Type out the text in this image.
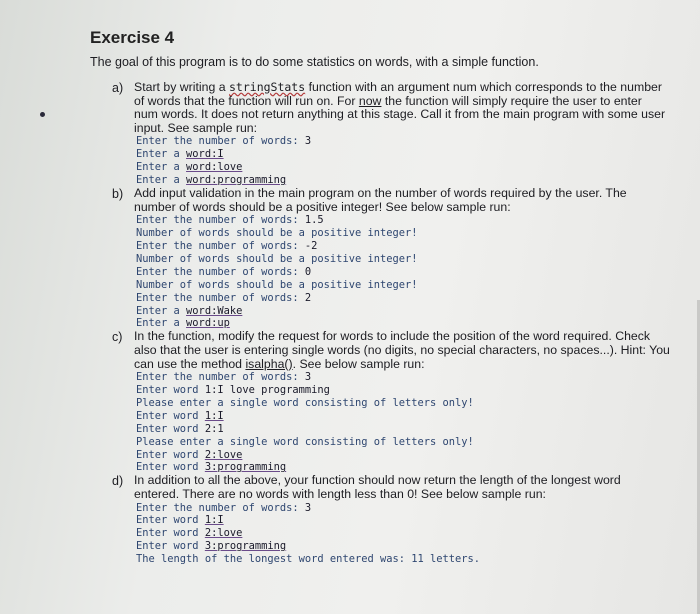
Exercise 4
The goal of this program is to do some statistics on words, with a simple function.
a) Start by writing a stringStats function with an argument num which corresponds to the number
of words that the function will run on. For now the function will simply require the user to enter
num words. It does not return anything at this stage. Call it from the main program with some user
input. See sample run:
Enter the number of words: 3
Enter a word:I
Enter a word:love
Enter a word:programming
b) Add input validation in the main program on the number of words required by the user. The
number of words should be a positive integer! See below sample run:
Enter the number of words: 1.5
Number of words should be a positive integer!
Enter the number of words: -2
Number of words should be a positive integer!
Enter the number of words: 0
Number of words should be a positive integer!
Enter the number of words: 2
Enter a word:Wake
Enter a word:up
c) In the function, modify the request for words to include the position of the word required. Check
also that the user is entering single words (no digits, no special characters, no spaces...). Hint: You
can use the method isalpha(). See below sample run:
Enter the number of words: 3
Enter word 1:I love programming
Please enter a single word consisting of letters only!
Enter word 1:I
Enter word 2:1
Please enter a single word consisting of letters only!
Enter word 2:love
Enter word 3:programming
d) In addition to all the above, your function should now return the length of the longest word
entered. There are no words with length less than 0! See below sample run:
Enter the number of words: 3
Enter word 1:I
Enter word 2:love
Enter word 3:programming
The length of the longest word entered was: 11 letters.
